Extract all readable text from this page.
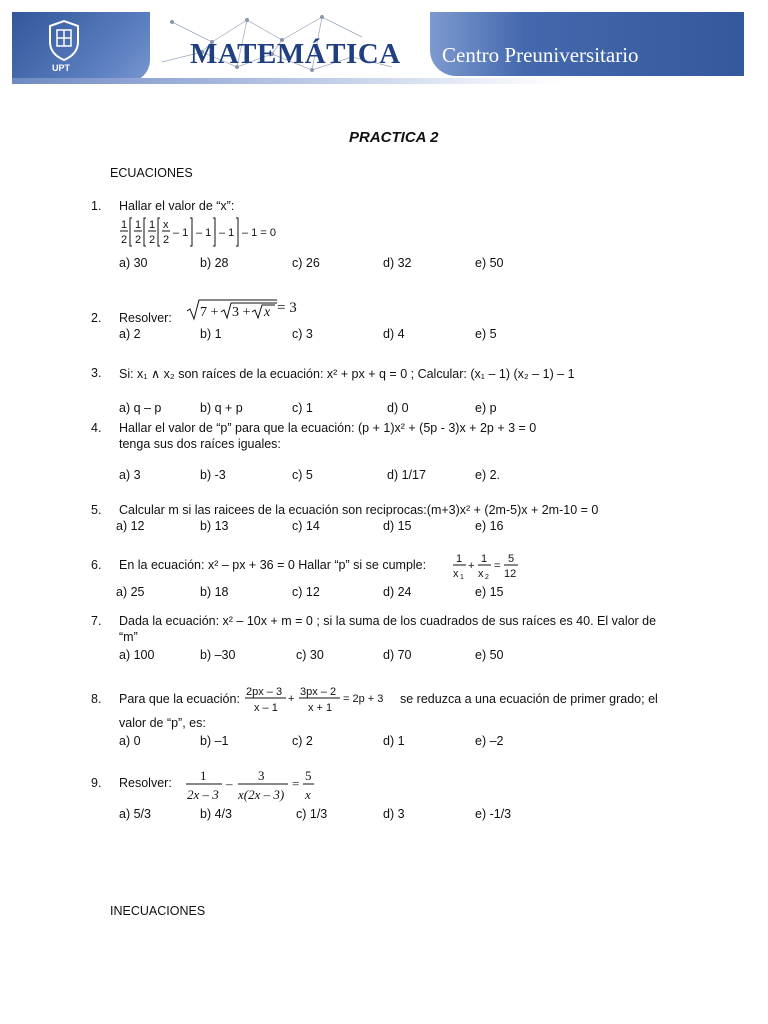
UPT	MATEMÁTICA Centro Preuniversitario
PRACTICA 2
ECUACIONES
1. Hallar el valor de “x”:
1
2
1
2
1
2
x
2
– 1 – 1 – 1 – 1 = 0
a) 30	b) 28	c) 26	d) 32	e) 50
2. Resolver: 7 + 3 + x = 3
a) 2	b) 1	c) 3	d) 4	e) 5
3. Si: x₁ ∧ x₂ son raíces de la ecuación: x² + px + q = 0 ; Calcular: (x₁ – 1) (x₂ – 1) – 1
a) q – p	b) q + p	c) 1	d) 0	e) p
4. Hallar el valor de “p” para que la ecuación: (p + 1)x² + (5p - 3)x + 2p + 3 = 0
tenga sus dos raíces iguales:
a) 3	b) -3	c) 5	d) 1/17	e) 2.
5. Calcular m si las raicees de la ecuación son reciprocas:(m+3)x² + (2m-5)x + 2m-10 = 0
a) 12	b) 13	c) 14	d) 15	e) 16
6. En la ecuación: x² – px + 36 = 0 Hallar “p” si se cumple:	1
x 1
+
1
x 2
=
5
12
a) 25	b) 18	c) 12	d) 24	e) 15
7. Dada la ecuación: x² – 10x + m = 0 ; si la suma de los cuadrados de sus raíces es 40. El valor de
“m”
a) 100	b) –30	c) 30	d) 70	e) 50
8. Para que la ecuación: 2px – 3
x – 1
+
3px – 2
x + 1
= 2p + 3 se reduzca a una ecuación de primer grado; el
valor de “p”, es:
a) 0	b) –1	c) 2	d) 1	e) –2
9. Resolver: 1
2x – 3
–
3
x(2x – 3)
=
5
x
a) 5/3	b) 4/3	c) 1/3	d) 3	e) -1/3
INECUACIONES
